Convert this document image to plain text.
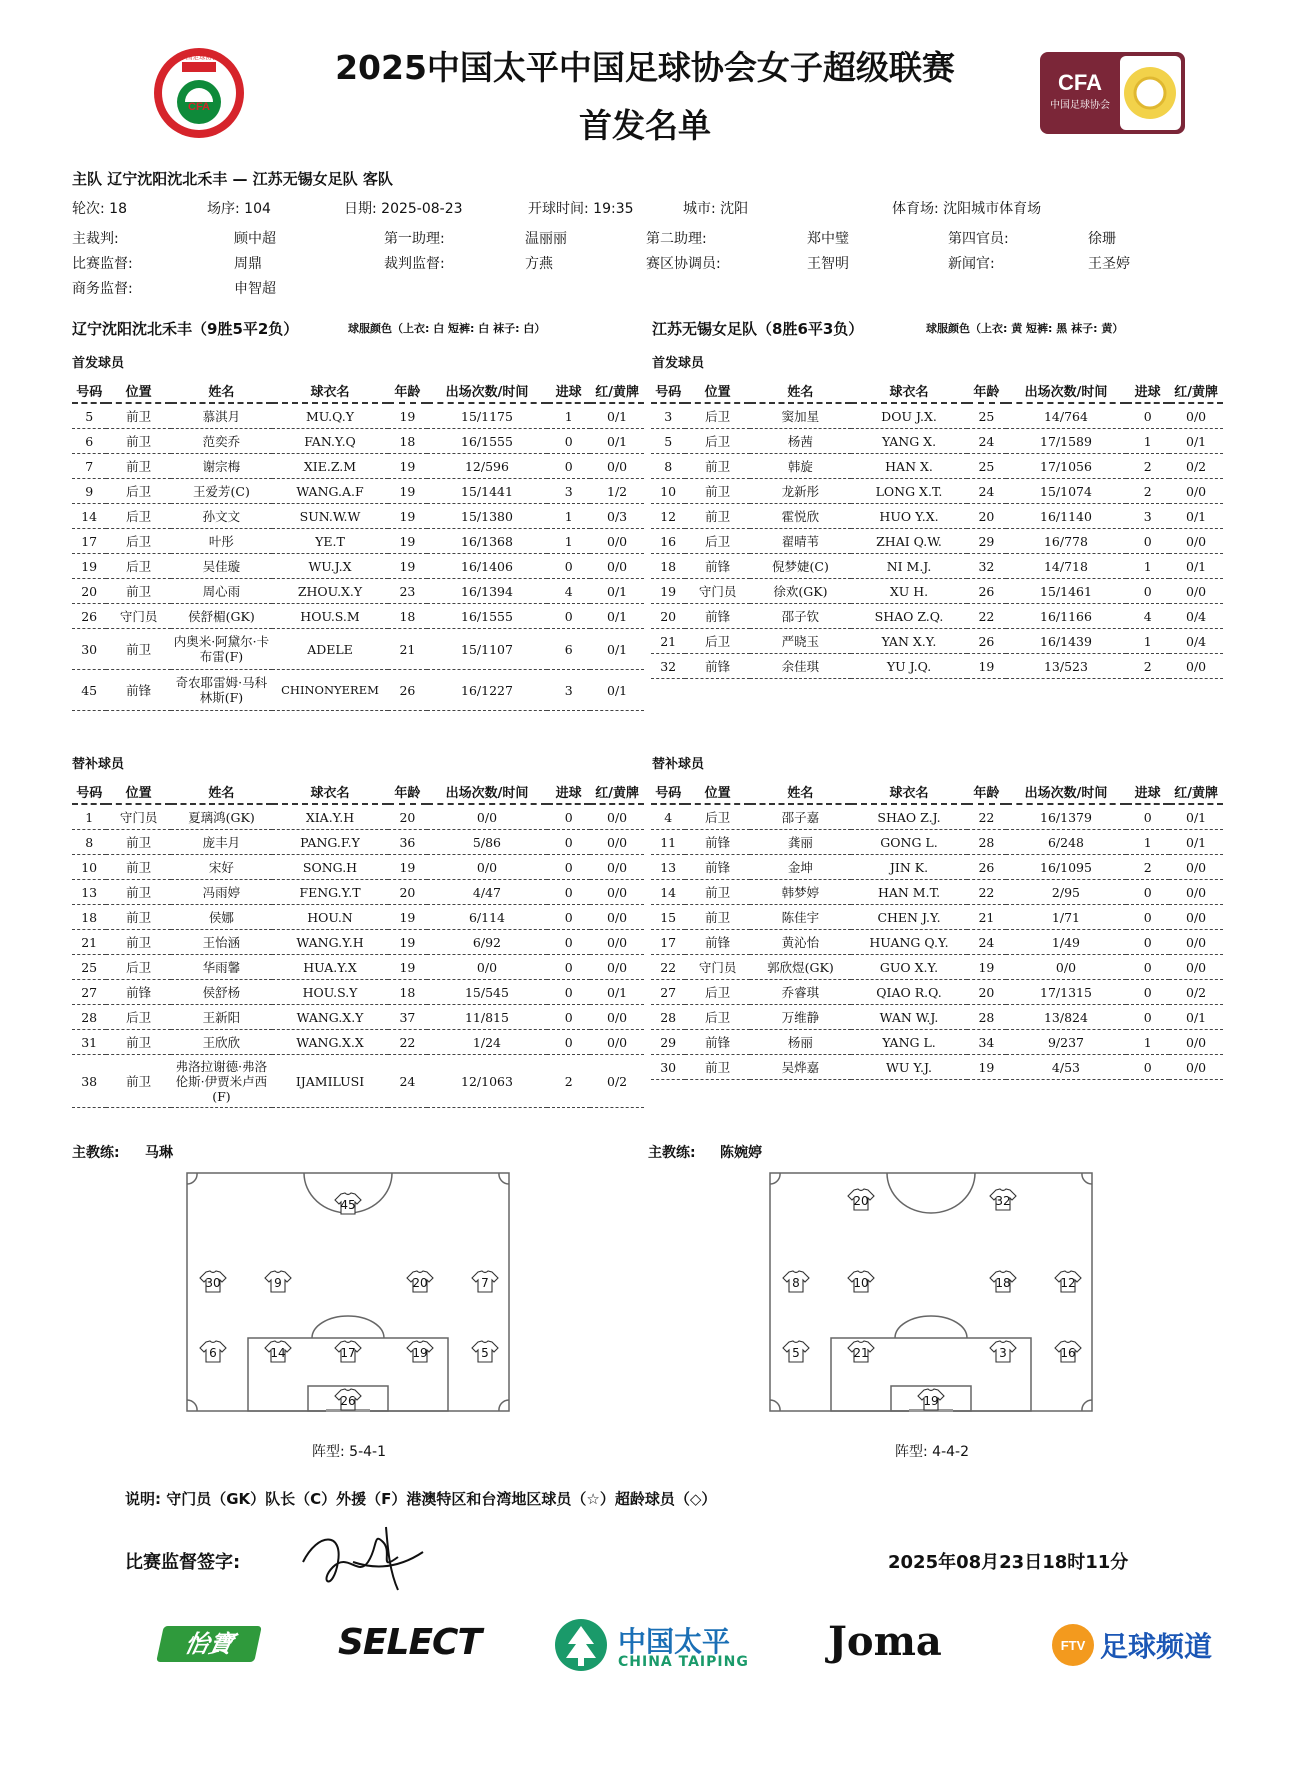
CFA
中国足球协会	2025中国太平中国足球协会女子超级联赛
首发名单
CFA
中国足球协会
主队 辽宁沈阳沈北禾丰 — 江苏无锡女足队 客队
轮次: 18	场序: 104	日期: 2025-08-23	开球时间: 19:35	城市: 沈阳	体育场: 沈阳城市体育场
主裁判:	顾中超	第一助理:	温丽丽	第二助理:	郑中璧	第四官员:	徐珊
比赛监督:	周鼎	裁判监督:	方燕	赛区协调员:	王智明	新闻官:	王圣婷
商务监督:	申智超
辽宁沈阳沈北禾丰（9胜5平2负）	球服颜色（上衣: 白 短裤: 白 袜子: 白）	江苏无锡女足队（8胜6平3负）	球服颜色（上衣: 黄 短裤: 黑 袜子: 黄）
首发球员	首发球员
号码	位置	姓名	球衣名	年龄	出场次数/时间	进球	红/黄牌
5	前卫	慕淇月	MU.Q.Y	19	15/1175	1	0/1
6	前卫	范奕乔	FAN.Y.Q	18	16/1555	0	0/1
7	前卫	谢宗梅	XIE.Z.M	19	12/596	0	0/0
9	后卫	王爱芳(C)	WANG.A.F	19	15/1441	3	1/2
14	后卫	孙文文	SUN.W.W	19	15/1380	1	0/3
17	后卫	叶彤	YE.T	19	16/1368	1	0/0
19	后卫	吴佳璇	WU.J.X	19	16/1406	0	0/0
20	前卫	周心雨	ZHOU.X.Y	23	16/1394	4	0/1
26	守门员	侯舒楣(GK)	HOU.S.M	18	16/1555	0	0/1
30	前卫	内奥米·阿黛尔·卡布雷(F)	ADELE	21	15/1107	6	0/1
45	前锋	奇农耶雷姆·马科林斯(F)	CHINONYEREM	26	16/1227	3	0/1
号码	位置	姓名	球衣名	年龄	出场次数/时间	进球	红/黄牌
3	后卫	窦加星	DOU J.X.	25	14/764	0	0/0
5	后卫	杨茜	YANG X.	24	17/1589	1	0/1
8	前卫	韩旋	HAN X.	25	17/1056	2	0/2
10	前卫	龙新彤	LONG X.T.	24	15/1074	2	0/0
12	前卫	霍悦欣	HUO Y.X.	20	16/1140	3	0/1
16	后卫	翟晴苇	ZHAI Q.W.	29	16/778	0	0/0
18	前锋	倪梦婕(C)	NI M.J.	32	14/718	1	0/1
19	守门员	徐欢(GK)	XU H.	26	15/1461	0	0/0
20	前锋	邵子钦	SHAO Z.Q.	22	16/1166	4	0/4
21	后卫	严晓玉	YAN X.Y.	26	16/1439	1	0/4
32	前锋	余佳琪	YU J.Q.	19	13/523	2	0/0
替补球员	替补球员
号码	位置	姓名	球衣名	年龄	出场次数/时间	进球	红/黄牌
1	守门员	夏璃鸿(GK)	XIA.Y.H	20	0/0	0	0/0
8	前卫	庞丰月	PANG.F.Y	36	5/86	0	0/0
10	前卫	宋好	SONG.H	19	0/0	0	0/0
13	前卫	冯雨婷	FENG.Y.T	20	4/47	0	0/0
18	前卫	侯娜	HOU.N	19	6/114	0	0/0
21	前卫	王怡涵	WANG.Y.H	19	6/92	0	0/0
25	后卫	华雨馨	HUA.Y.X	19	0/0	0	0/0
27	前锋	侯舒杨	HOU.S.Y	18	15/545	0	0/1
28	后卫	王新阳	WANG.X.Y	37	11/815	0	0/0
31	前卫	王欣欣	WANG.X.X	22	1/24	0	0/0
38	前卫	弗洛拉谢德·弗洛伦斯·伊贾米卢西(F)	IJAMILUSI	24	12/1063	2	0/2
号码	位置	姓名	球衣名	年龄	出场次数/时间	进球	红/黄牌
4	后卫	邵子嘉	SHAO Z.J.	22	16/1379	0	0/1
11	前锋	龚丽	GONG L.	28	6/248	1	0/1
13	前锋	金坤	JIN K.	26	16/1095	2	0/0
14	前卫	韩梦婷	HAN M.T.	22	2/95	0	0/0
15	前卫	陈佳宇	CHEN J.Y.	21	1/71	0	0/0
17	前锋	黄沁怡	HUANG Q.Y.	24	1/49	0	0/0
22	守门员	郭欣煜(GK)	GUO X.Y.	19	0/0	0	0/0
27	后卫	乔睿琪	QIAO R.Q.	20	17/1315	0	0/2
28	后卫	万维静	WAN W.J.	28	13/824	0	0/1
29	前锋	杨丽	YANG L.	34	9/237	1	0/0
30	前卫	吴烨嘉	WU Y.J.	19	4/53	0	0/0
主教练: 马琳	主教练: 陈婉婷
45
30	9	20	7
6	14	17	19	5
26
20	32
8	10	18	12
5	21	3	16
19
阵型: 5-4-1	阵型: 4-4-2
说明: 守门员（GK）队长（C）外援（F）港澳特区和台湾地区球员（☆）超龄球员（◇）
比赛监督签字:	2025年08月23日18时11分
怡寶	SELECT	中国太平
CHINA TAIPING Joma	FTV 足球频道
